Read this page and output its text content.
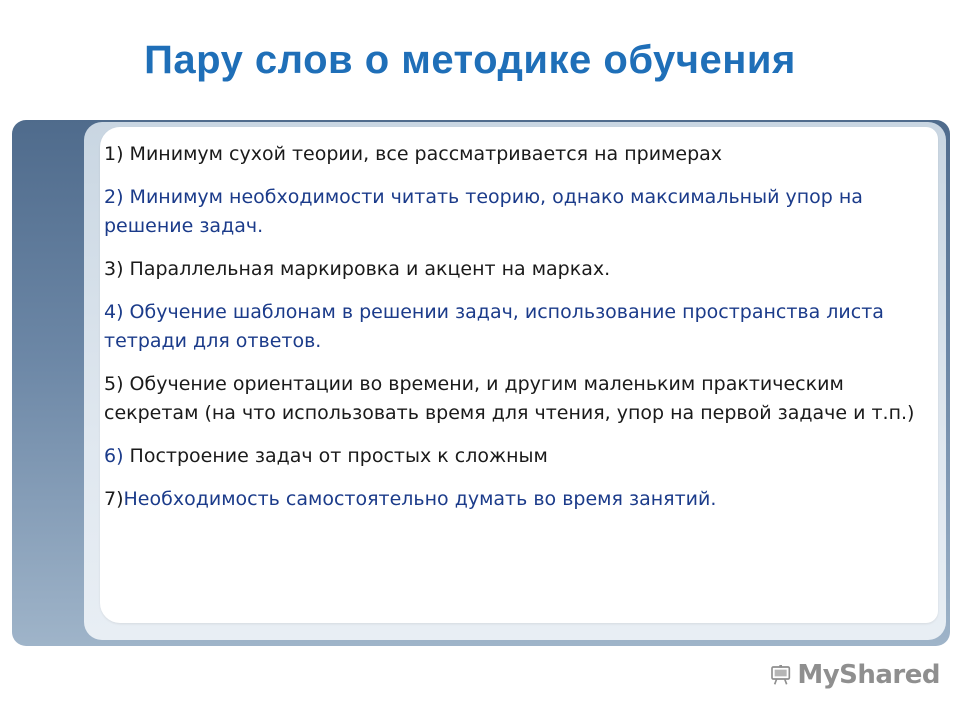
Пару слов о методике обучения
1) Минимум сухой теории, все рассматривается на примерах
2) Минимум необходимости читать теорию, однако максимальный упор на решение задач.
3) Параллельная маркировка и акцент на марках.
4) Обучение шаблонам в решении задач, использование пространства листа тетради для ответов.
5) Обучение ориентации во времени, и другим маленьким практическим секретам (на что использовать время для чтения, упор на первой задаче и т.п.)
6) Построение задач от простых к сложным
7)Необходимость самостоятельно думать во время занятий.
MyShared
